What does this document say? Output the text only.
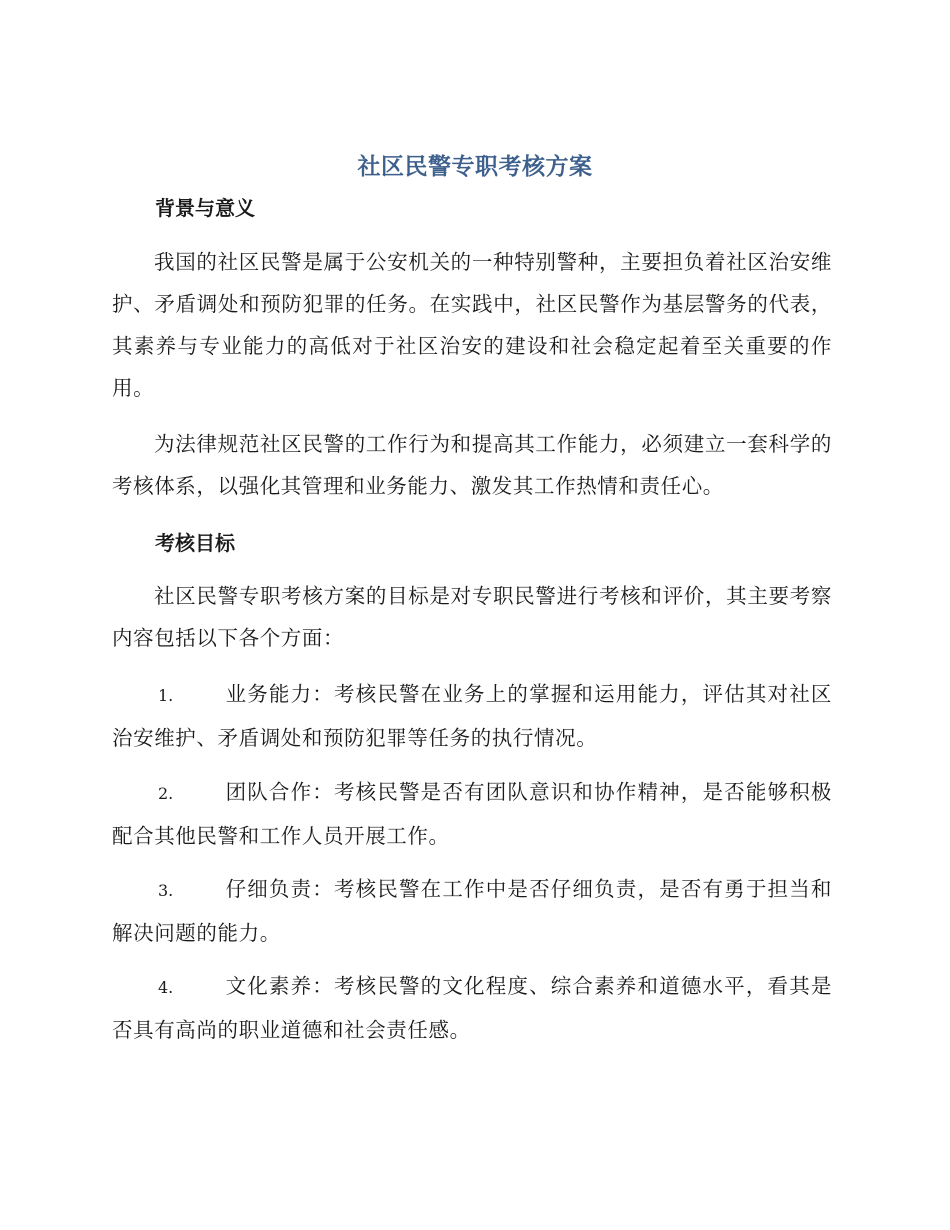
社区民警专职考核方案
背景与意义
我国的社区民警是属于公安机关的一种特别警种，主要担负着社区治安维护、矛盾调处和预防犯罪的任务。在实践中，社区民警作为基层警务的代表，其素养与专业能力的高低对于社区治安的建设和社会稳定起着至关重要的作用。
为法律规范社区民警的工作行为和提高其工作能力，必须建立一套科学的考核体系，以强化其管理和业务能力、激发其工作热情和责任心。
考核目标
社区民警专职考核方案的目标是对专职民警进行考核和评价，其主要考察内容包括以下各个方面：
1.	业务能力：考核民警在业务上的掌握和运用能力，评估其对社区治安维护、矛盾调处和预防犯罪等任务的执行情况。
2.	团队合作：考核民警是否有团队意识和协作精神，是否能够积极配合其他民警和工作人员开展工作。
3.	仔细负责：考核民警在工作中是否仔细负责，是否有勇于担当和解决问题的能力。
4.	文化素养：考核民警的文化程度、综合素养和道德水平，看其是否具有高尚的职业道德和社会责任感。
